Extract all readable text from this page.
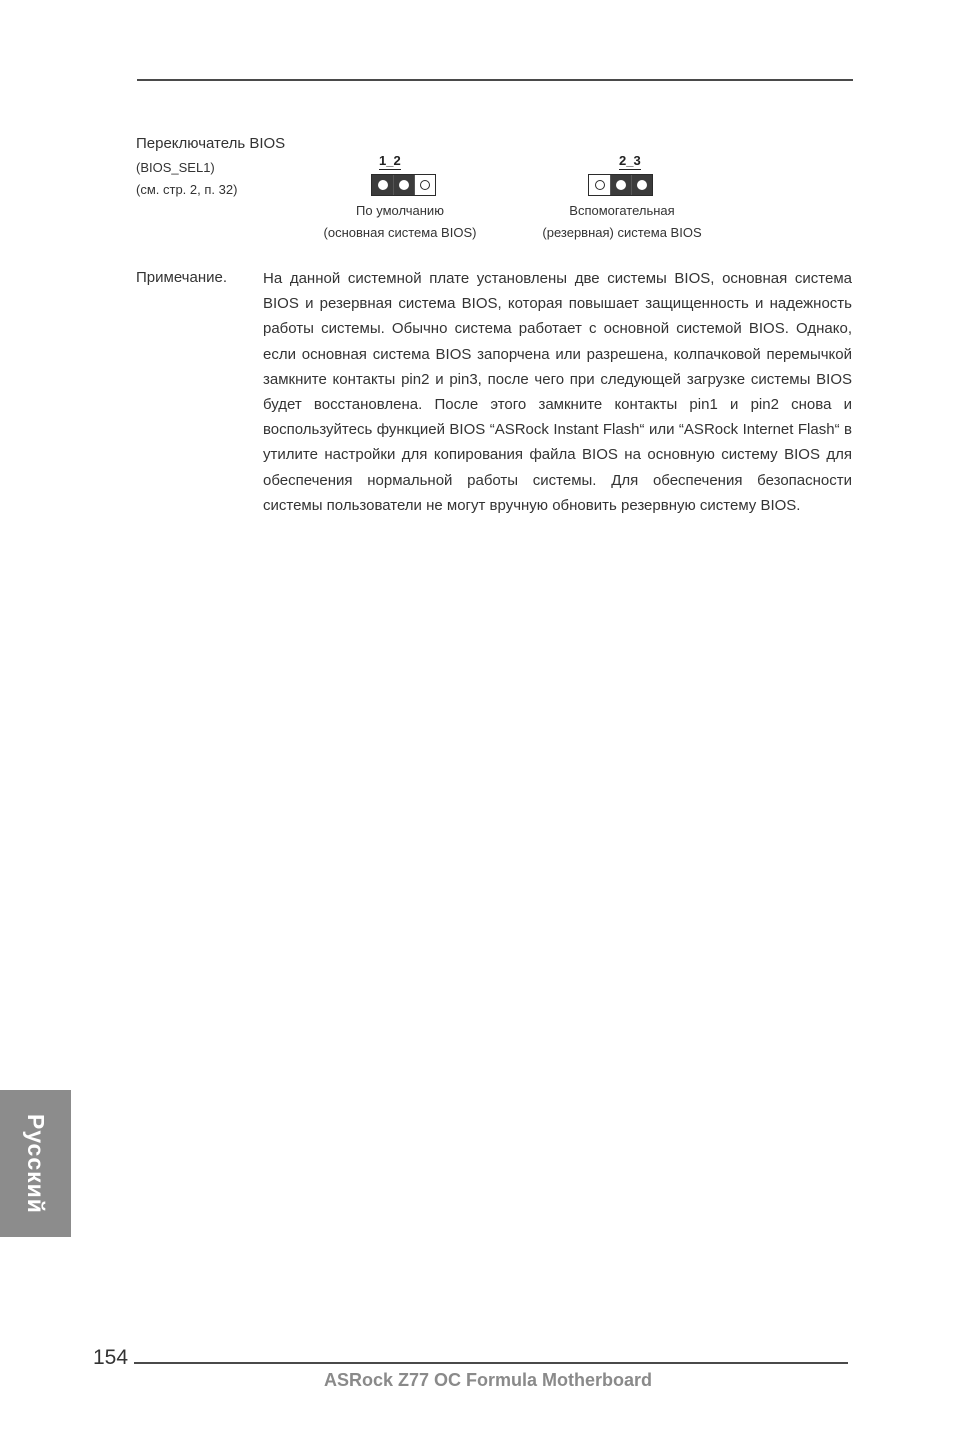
Переключатель BIOS
(BIOS_SEL1)
(см. стр. 2, п. 32)
1_2
По умолчанию
(основная система BIOS)
2_3
Вспомогательная
(резервная) система BIOS
Примечание. На данной системной плате установлены две системы BIOS, основная система BIOS и резервная система BIOS, которая повышает защищенность и надежность работы системы. Обычно система работает с основной системой BIOS. Однако, если основная система BIOS запорчена или разрешена, колпачковой перемычкой замкните контакты pin2 и pin3, после чего при следующей загрузке системы BIOS будет восстановлена. После этого замкните контакты pin1 и pin2 снова и воспользуйтесь функцией BIOS “ASRock Instant Flash“ или “ASRock Internet Flash“ в утилите настройки для копирования файла BIOS на основную систему BIOS для обеспечения нормальной работы системы. Для обеспечения безопасности системы пользователи не могут вручную обновить резервную систему BIOS.

Русский
154
ASRock Z77 OC Formula Motherboard
